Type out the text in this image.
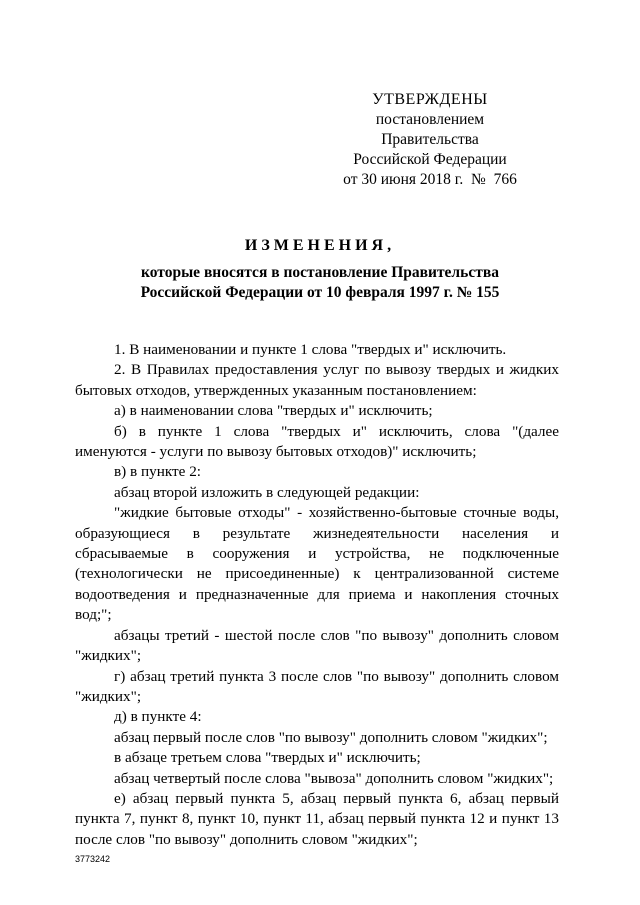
УТВЕРЖДЕНЫ
постановлением Правительства
Российской Федерации
от 30 июня 2018 г.  №  766
ИЗМЕНЕНИЯ,
которые вносятся в постановление Правительства
Российской Федерации от 10 февраля 1997 г. № 155

1. В наименовании и пункте 1 слова "твердых и" исключить.

2. В Правилах предоставления услуг по вывозу твердых и жидких бытовых отходов, утвержденных указанным постановлением:

а) в наименовании слова "твердых и" исключить;

б) в пункте 1 слова "твердых и" исключить, слова "(далее именуются - услуги по вывозу бытовых отходов)" исключить;

в) в пункте 2:

абзац второй изложить в следующей редакции:

"жидкие бытовые отходы" - хозяйственно-бытовые сточные воды, образующиеся в результате жизнедеятельности населения и сбрасываемые в сооружения и устройства, не подключенные (технологически не присоединенные) к централизованной системе водоотведения и предназначенные для приема и накопления сточных вод;";

абзацы третий - шестой после слов "по вывозу" дополнить словом "жидких";

г) абзац третий пункта 3 после слов "по вывозу" дополнить словом "жидких";

д) в пункте 4:

абзац первый после слов "по вывозу" дополнить словом "жидких";

в абзаце третьем слова "твердых и" исключить;

абзац четвертый после слова "вывоза" дополнить словом "жидких";

е) абзац первый пункта 5, абзац первый пункта 6, абзац первый пункта 7, пункт 8, пункт 10, пункт 11, абзац первый пункта 12 и пункт 13 после слов "по вывозу" дополнить словом "жидких";

3773242
